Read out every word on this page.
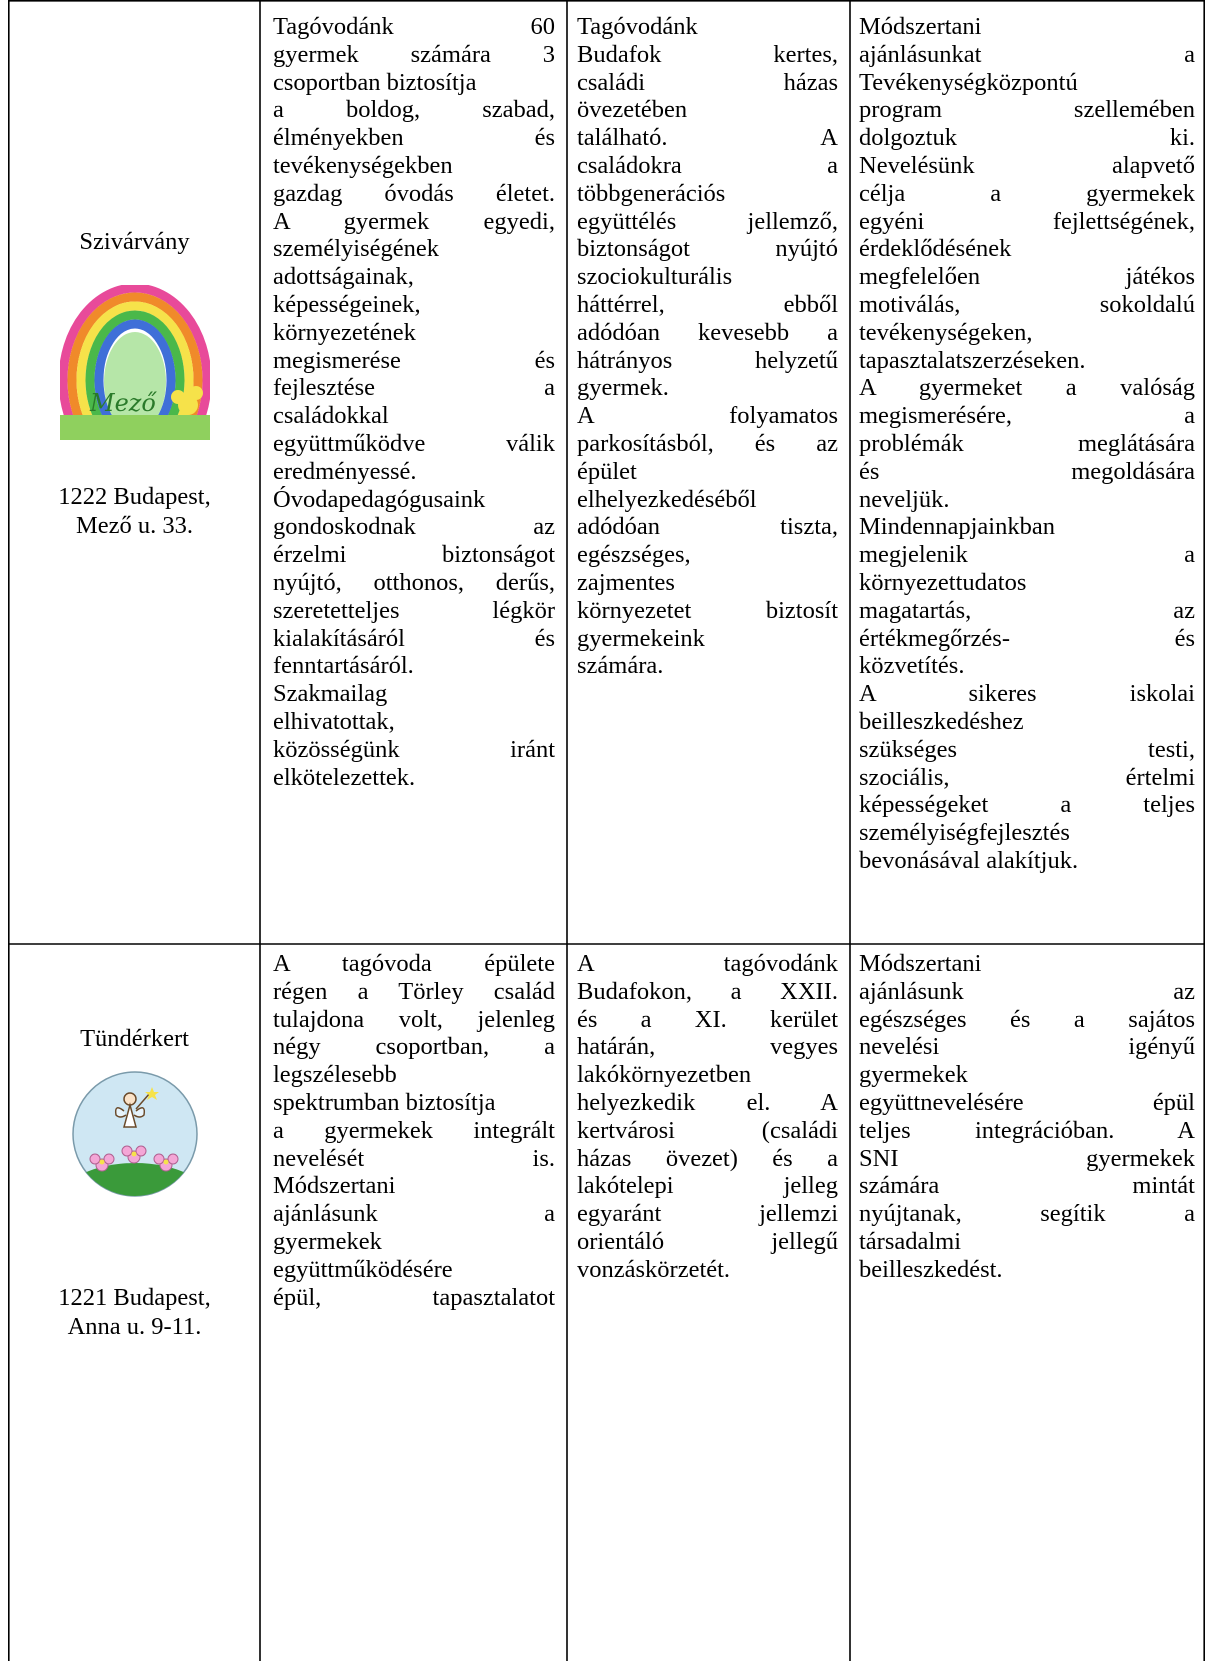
Szivárvány
Mező
1222 Budapest,
Mező u. 33.
Tagóvodánk 60
gyermek számára 3
csoportban biztosítja
a boldog, szabad,
élményekben és
tevékenységekben
gazdag óvodás életet.
A gyermek egyedi,
személyiségének
adottságainak,
képességeinek,
környezetének
megismerése és
fejlesztése a
családokkal
együttműködve válik
eredményessé.
Óvodapedagógusaink
gondoskodnak az
érzelmi biztonságot
nyújtó, otthonos, derűs,
szeretetteljes légkör
kialakításáról és
fenntartásáról.
Szakmailag
elhivatottak,
közösségünk iránt
elkötelezettek.
Tagóvodánk
Budafok kertes,
családi házas
övezetében
található. A
családokra a
többgenerációs
együttélés jellemző,
biztonságot nyújtó
szociokulturális
háttérrel, ebből
adódóan kevesebb a
hátrányos helyzetű
gyermek.
A folyamatos
parkosításból, és az
épület
elhelyezkedéséből
adódóan tiszta,
egészséges,
zajmentes
környezetet biztosít
gyermekeink
számára.
Módszertani
ajánlásunkat a
Tevékenységközpontú
program szellemében
dolgoztuk ki.
Nevelésünk alapvető
célja a gyermekek
egyéni fejlettségének,
érdeklődésének
megfelelően játékos
motiválás, sokoldalú
tevékenységeken,
tapasztalatszerzéseken.
A gyermeket a valóság
megismerésére, a
problémák meglátására
és megoldására
neveljük.
Mindennapjainkban
megjelenik a
környezettudatos
magatartás, az
értékmegőrzés- és
közvetítés.
A sikeres iskolai
beilleszkedéshez
szükséges testi,
szociális, értelmi
képességeket a teljes
személyiségfejlesztés
bevonásával alakítjuk.
Tündérkert
1221 Budapest,
Anna u. 9-11.
A tagóvoda épülete
régen a Törley család
tulajdona volt, jelenleg
négy csoportban, a
legszélesebb
spektrumban biztosítja
a gyermekek integrált
nevelését is.
Módszertani
ajánlásunk a
gyermekek
együttműködésére
épül, tapasztalatot
A tagóvodánk
Budafokon, a XXII.
és a XI. kerület
határán, vegyes
lakókörnyezetben
helyezkedik el. A
kertvárosi (családi
házas övezet) és a
lakótelepi jelleg
egyaránt jellemzi
orientáló jellegű
vonzáskörzetét.
Módszertani
ajánlásunk az
egészséges és a sajátos
nevelési igényű
gyermekek
együttnevelésére épül
teljes integrációban. A
SNI gyermekek
számára mintát
nyújtanak, segítik a
társadalmi
beilleszkedést.
